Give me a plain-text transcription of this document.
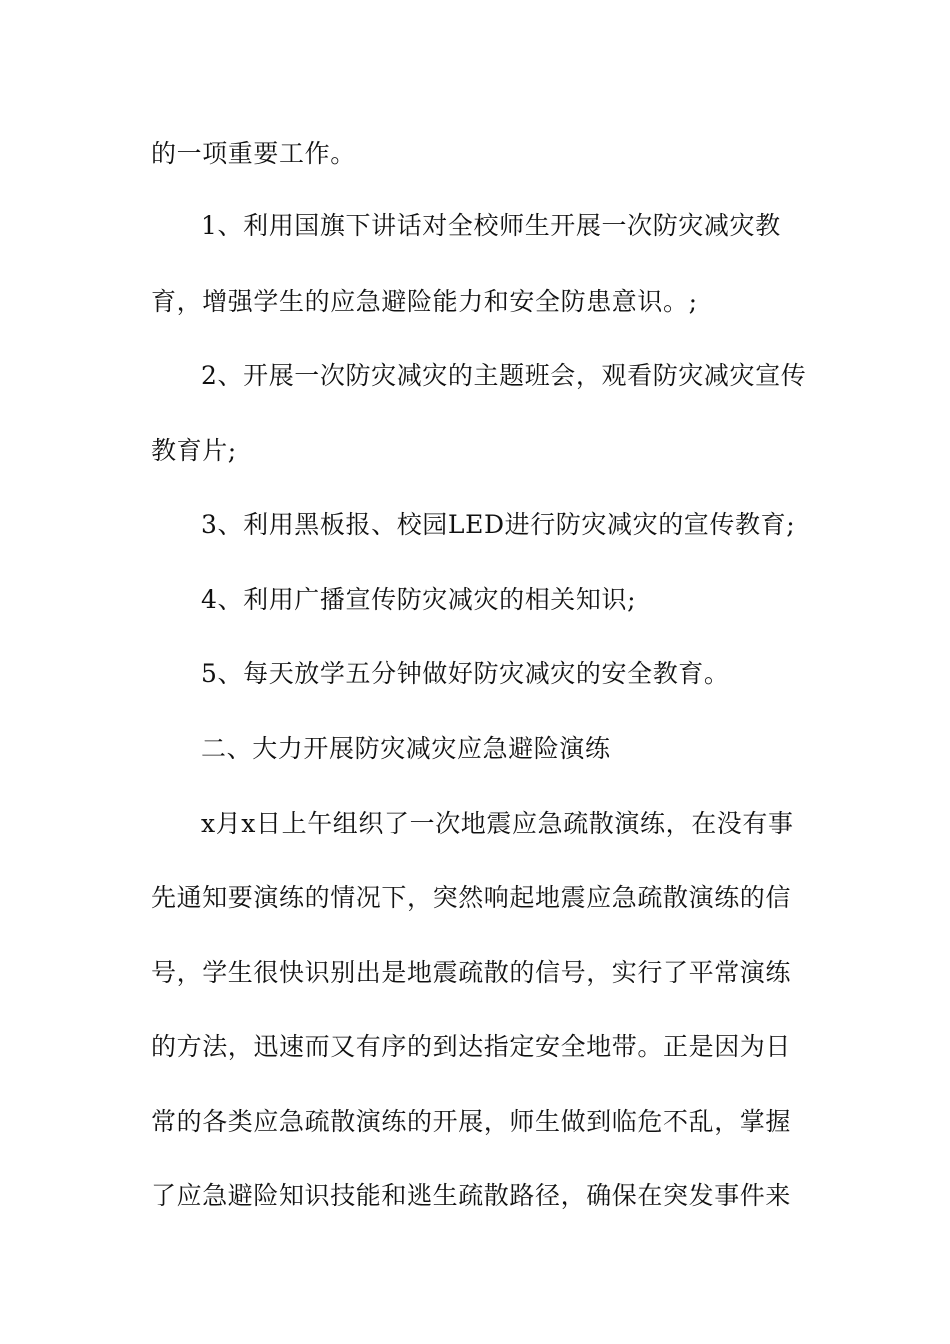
的一项重要工作。
1、利用国旗下讲话对全校师生开展一次防灾减灾教
育，增强学生的应急避险能力和安全防患意识。;
2、开展一次防灾减灾的主题班会，观看防灾减灾宣传
教育片;
3、利用黑板报、校园LED进行防灾减灾的宣传教育;
4、利用广播宣传防灾减灾的相关知识;
5、每天放学五分钟做好防灾减灾的安全教育。
二、大力开展防灾减灾应急避险演练
x月x日上午组织了一次地震应急疏散演练，在没有事
先通知要演练的情况下，突然响起地震应急疏散演练的信
号，学生很快识别出是地震疏散的信号，实行了平常演练
的方法，迅速而又有序的到达指定安全地带。正是因为日
常的各类应急疏散演练的开展，师生做到临危不乱，掌握
了应急避险知识技能和逃生疏散路径，确保在突发事件来
